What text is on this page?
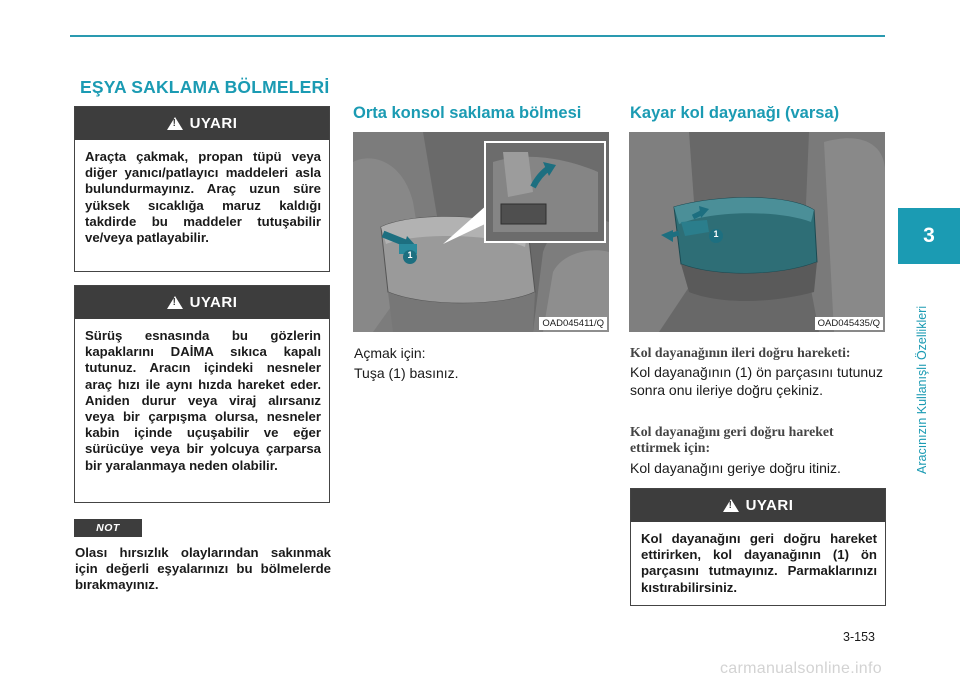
EŞYA SAKLAMA BÖLMELERİ
3
Aracınızın Kullanışlı Özellikleri
!
UYARI
Araçta çakmak, propan tüpü veya diğer yanıcı/patlayıcı maddeleri asla bulundurmayınız. Araç uzun süre yüksek sıcaklığa maruz kaldığı takdirde bu maddeler tutuşabilir ve/veya patlayabilir.
!
UYARI
Sürüş esnasında bu gözlerin kapaklarını DAİMA sıkıca kapalı tutunuz. Aracın içindeki nesneler araç hızı ile aynı hızda hareket eder. Aniden durur veya viraj alırsanız veya bir çarpışma olursa, nesneler kabin içinde uçuşabilir ve eğer sürücüye veya bir yolcuya çarparsa bir yaralanmaya neden olabilir.
NOT
Olası hırsızlık olaylarından sakınmak için değerli eşyalarınızı bu bölmelerde bırakmayınız.
Orta konsol saklama bölmesi
1
OAD045411/Q
Açmak için:
Tuşa (1) basınız.
Kayar kol dayanağı (varsa)
1
OAD045435/Q
Kol dayanağının ileri doğru hareketi:
Kol dayanağının (1) ön parçasını tutunuz sonra onu ileriye doğru çekiniz.
Kol dayanağını geri doğru hareket ettirmek için:
Kol dayanağını geriye doğru itiniz.
!
UYARI
Kol dayanağını geri doğru hareket ettirirken, kol dayanağının (1) ön parçasını tutmayınız. Parmaklarınızı kıstırabilirsiniz.
3-153
carmanualsonline.info
